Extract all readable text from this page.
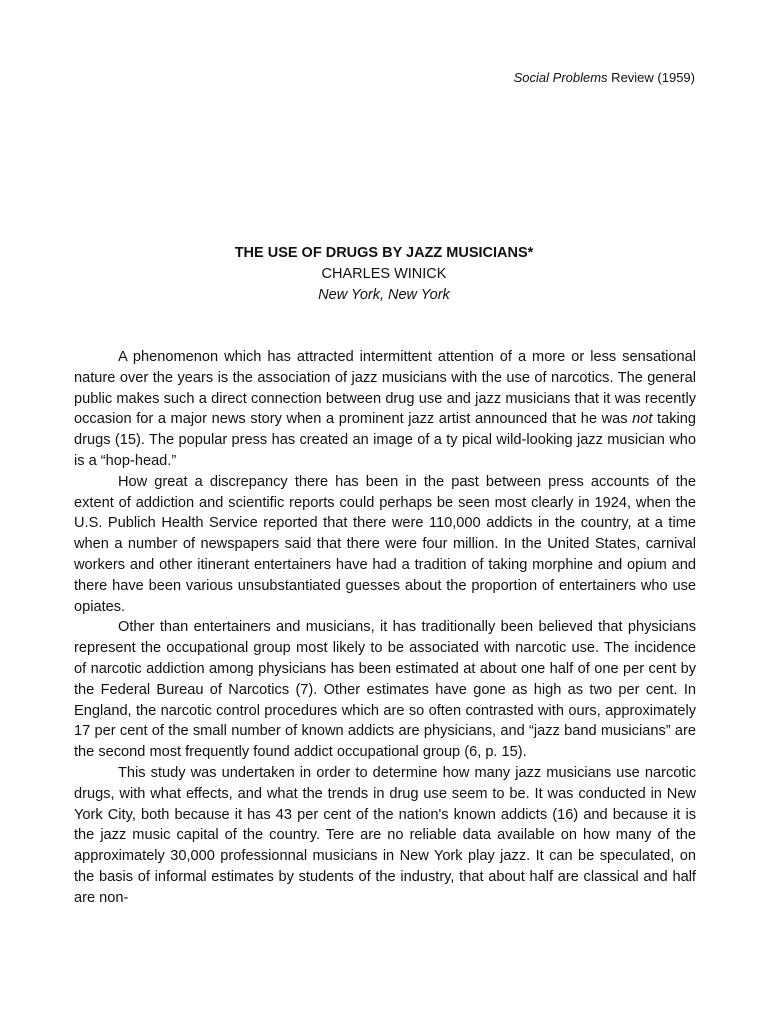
Social Problems Review (1959)
THE USE OF DRUGS BY JAZZ MUSICIANS*
CHARLES WINICK
New York, New York

A phenomenon which has attracted intermittent attention of a more or less sensational nature over the years is the association of jazz musicians with the use of narcotics. The general public makes such a direct connection between drug use and jazz musicians that it was recently occasion for a major news story when a prominent jazz artist announced that he was not taking drugs (15). The popular press has created an image of a ty pical wild-looking jazz musician who is a “hop-head.”

How great a discrepancy there has been in the past between press accounts of the extent of addiction and scientific reports could perhaps be seen most clearly in 1924, when the U.S. Publich Health Service reported that there were 110,000 addicts in the country, at a time when a number of newspapers said that there were four million. In the United States, carnival workers and other itinerant entertainers have had a tradition of taking morphine and opium and there have been various unsubstantiated guesses about the proportion of entertainers who use opiates.

Other than entertainers and musicians, it has traditionally been believed that physicians represent the occupational group most likely to be associated with narcotic use. The incidence of narcotic addiction among physicians has been estimated at about one half of one per cent by the Federal Bureau of Narcotics (7). Other estimates have gone as high as two per cent. In England, the narcotic control procedures which are so often contrasted with ours, approximately 17 per cent of the small number of known addicts are physicians, and “jazz band musicians” are the second most frequently found addict occupational group (6, p. 15).

This study was undertaken in order to determine how many jazz musicians use narcotic drugs, with what effects, and what the trends in drug use seem to be. It was conducted in New York City, both because it has 43 per cent of the nation's known addicts (16) and because it is the jazz music capital of the country. Tere are no reliable data available on how many of the approximately 30,000 professionnal musicians in New York play jazz. It can be speculated, on the basis of informal estimates by students of the industry, that about half are classical and half are non-
